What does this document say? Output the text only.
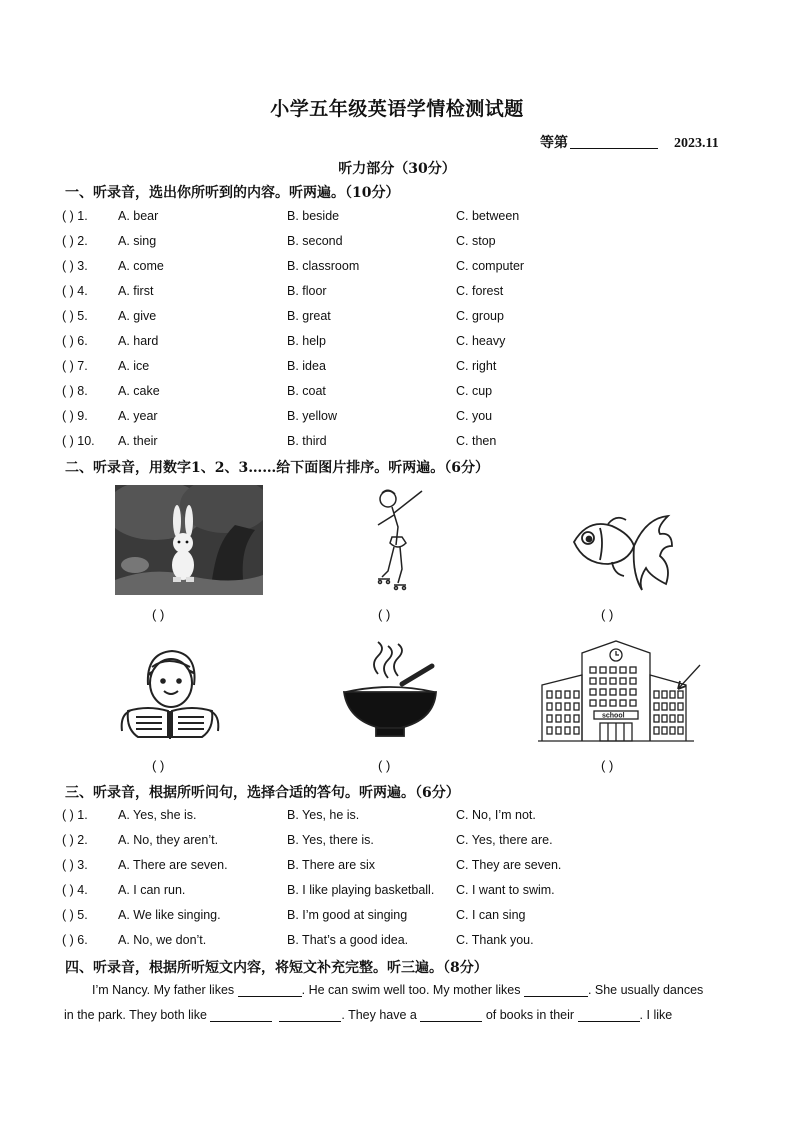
小学五年级英语学情检测试题
等第	2023.11
听力部分（30分）
一、听录音，选出你所听到的内容。听两遍。（10分）
( ) 1. A. bear	B. beside	C. between
( ) 2. A. sing	B. second	C. stop
( ) 3. A. come	B. classroom	C. computer
( ) 4. A. first	B. floor	C. forest
( ) 5. A. give	B. great	C. group
( ) 6. A. hard	B. help	C. heavy
( ) 7. A. ice	B. idea	C. right
( ) 8. A. cake	B. coat	C. cup
( ) 9. A. year	B. yellow	C. you
( ) 10. A. their	B. third	C. then
二、听录音，用数字1、2、3……给下面图片排序。听两遍。（6分）
( )	( )	( )
( )	( )
school
( )
三、听录音，根据所听问句，选择合适的答句。听两遍。（6分）
( ) 1. A. Yes, she is.	B. Yes, he is.	C. No, I’m not.
( ) 2. A. No, they aren’t.	B. Yes, there is.	C. Yes, there are.
( ) 3. A. There are seven.	B. There are six	C. They are seven.
( ) 4. A. I can run.	B. I like playing basketball. C. I want to swim.
( ) 5. A. We like singing.	B. I’m good at singing	C. I can sing
( ) 6. A. No, we don’t.	B. That’s a good idea.	C. Thank you.
四、听录音，根据所听短文内容，将短文补充完整。听三遍。（8分）
I’m Nancy. My father likes	. He can swim well too. My mother likes	. She usually dances
in the park. They both like	. They have a	of books in their	. I like
